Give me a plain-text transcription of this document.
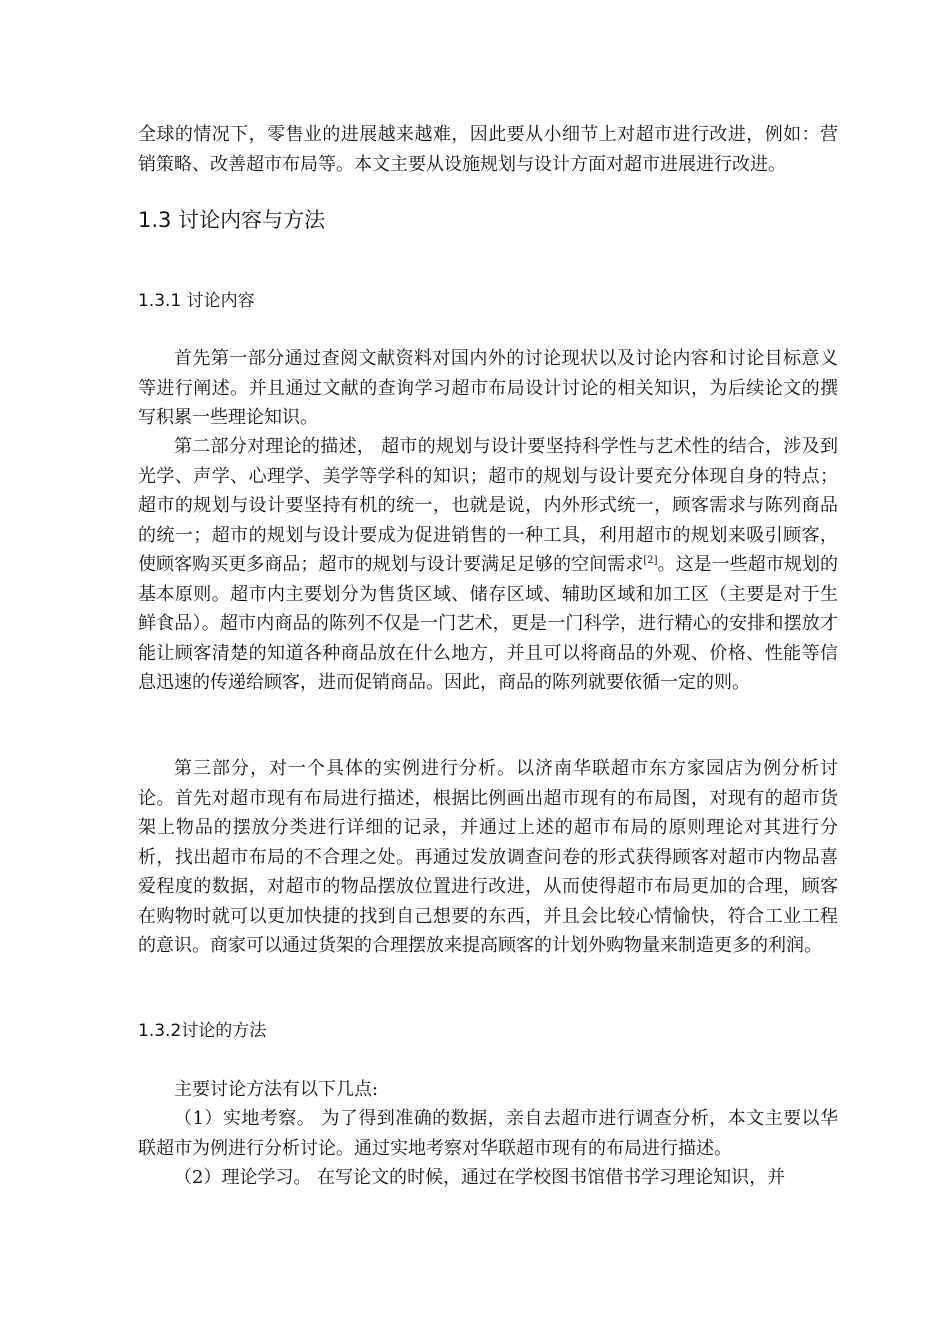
全球的情况下，零售业的进展越来越难，因此要从小细节上对超市进行改进，例如：营销策略、改善超市布局等。本文主要从设施规划与设计方面对超市进展进行改进。

1.3 讨论内容与方法
1.3.1 讨论内容

首先第一部分通过查阅文献资料对国内外的讨论现状以及讨论内容和讨论目标意义等进行阐述。并且通过文献的查询学习超市布局设计讨论的相关知识，为后续论文的撰写积累一些理论知识。

第二部分对理论的描述， 超市的规划与设计要坚持科学性与艺术性的结合，涉及到光学、声学、心理学、美学等学科的知识；超市的规划与设计要充分体现自身的特点；超市的规划与设计要坚持有机的统一，也就是说，内外形式统一，顾客需求与陈列商品的统一；超市的规划与设计要成为促进销售的一种工具，利用超市的规划来吸引顾客，使顾客购买更多商品；超市的规划与设计要满足足够的空间需求[2]。这是一些超市规划的基本原则。超市内主要划分为售货区域、储存区域、辅助区域和加工区（主要是对于生鲜食品）。超市内商品的陈列不仅是一门艺术，更是一门科学，进行精心的安排和摆放才能让顾客清楚的知道各种商品放在什么地方，并且可以将商品的外观、价格、性能等信息迅速的传递给顾客，进而促销商品。因此，商品的陈列就要依循一定的则。

第三部分，对一个具体的实例进行分析。以济南华联超市东方家园店为例分析讨论。首先对超市现有布局进行描述，根据比例画出超市现有的布局图，对现有的超市货架上物品的摆放分类进行详细的记录，并通过上述的超市布局的原则理论对其进行分析，找出超市布局的不合理之处。再通过发放调查问卷的形式获得顾客对超市内物品喜爱程度的数据，对超市的物品摆放位置进行改进，从而使得超市布局更加的合理，顾客在购物时就可以更加快捷的找到自己想要的东西，并且会比较心情愉快，符合工业工程的意识。商家可以通过货架的合理摆放来提高顾客的计划外购物量来制造更多的利润。

1.3.2讨论的方法

主要讨论方法有以下几点:

（1）实地考察。 为了得到准确的数据，亲自去超市进行调查分析，本文主要以华联超市为例进行分析讨论。通过实地考察对华联超市现有的布局进行描述。

（2）理论学习。 在写论文的时候，通过在学校图书馆借书学习理论知识，并
